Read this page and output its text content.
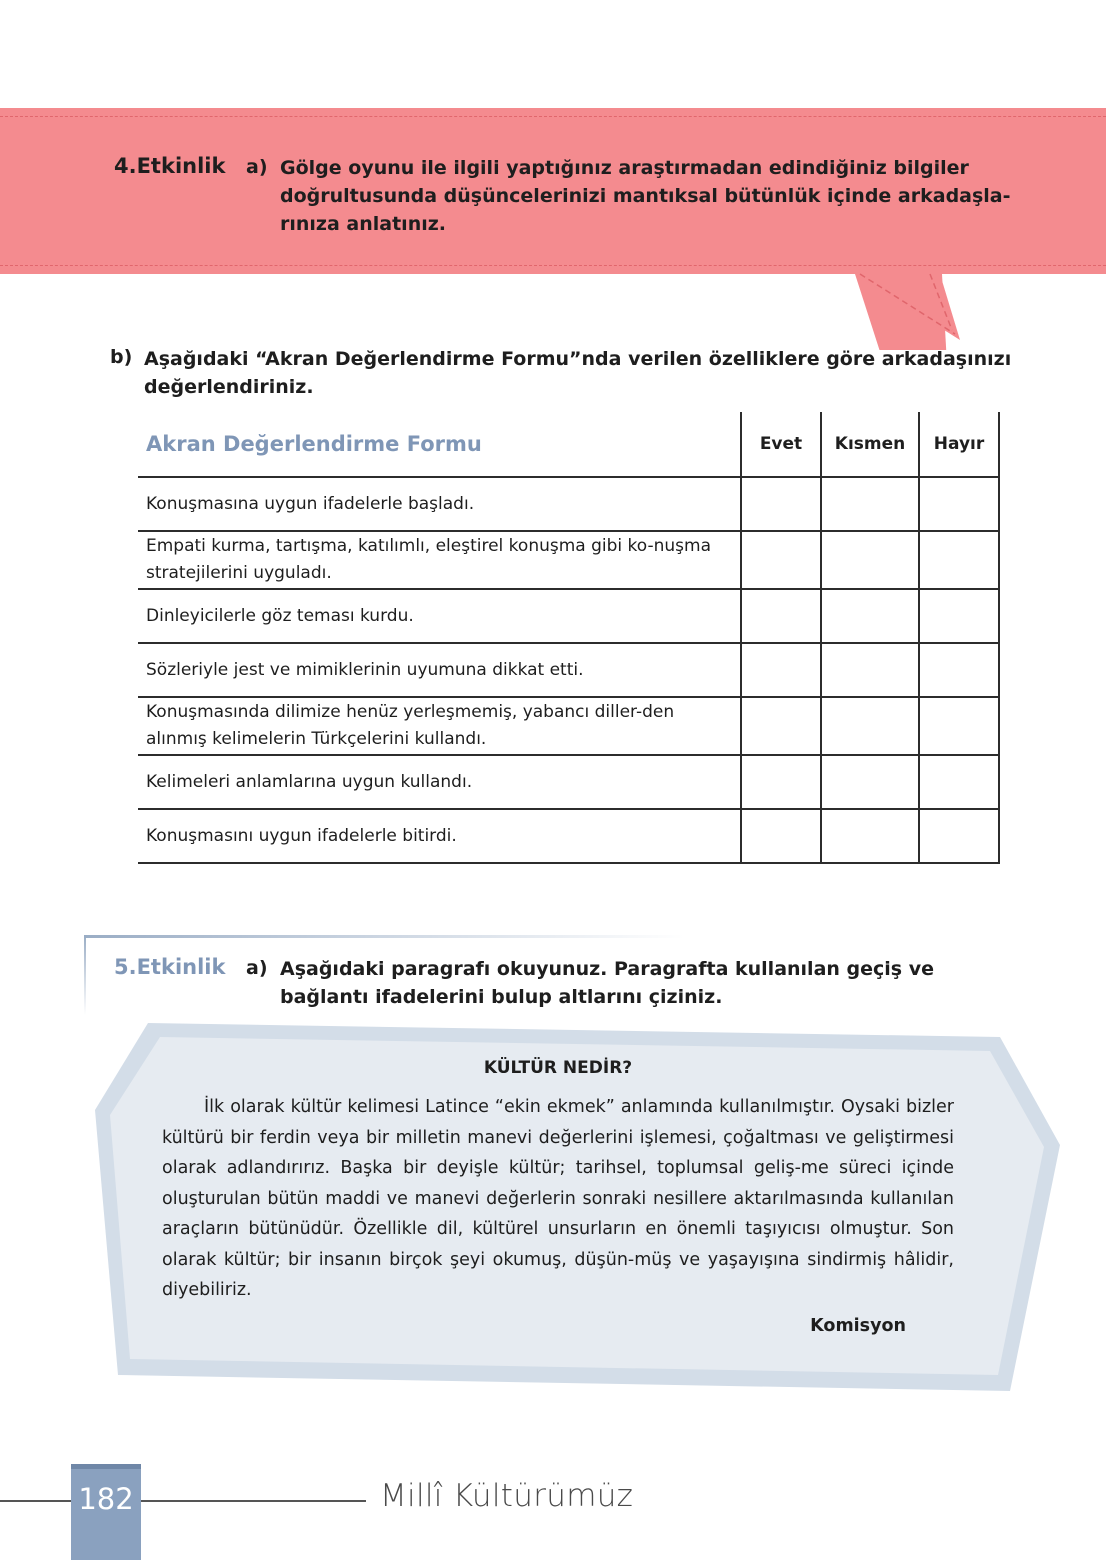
4.Etkinlik a) Gölge oyunu ile ilgili yaptığınız araştırmadan edindiğiniz bilgiler doğrultusunda düşüncelerinizi mantıksal bütünlük içinde arkadaşla-rınıza anlatınız.
b) Aşağıdaki “Akran Değerlendirme Formu”nda verilen özelliklere göre arkadaşınızı değerlendiriniz.
Akran Değerlendirme Formu	Evet	Kısmen	Hayır
Konuşmasına uygun ifadelerle başladı.			
Empati kurma, tartışma, katılımlı, eleştirel konuşma gibi ko-nuşma stratejilerini uyguladı.			
Dinleyicilerle göz teması kurdu.			
Sözleriyle jest ve mimiklerinin uyumuna dikkat etti.			
Konuşmasında dilimize henüz yerleşmemiş, yabancı diller-den alınmış kelimelerin Türkçelerini kullandı.			
Kelimeleri anlamlarına uygun kullandı.			
Konuşmasını uygun ifadelerle bitirdi.			
5.Etkinlik a) Aşağıdaki paragrafı okuyunuz. Paragrafta kullanılan geçiş ve bağlantı ifadelerini bulup altlarını çiziniz.
KÜLTÜR NEDİR?

İlk olarak kültür kelimesi Latince “ekin ekmek” anlamında kullanılmıştır. Oysaki bizler kültürü bir ferdin veya bir milletin manevi değerlerini işlemesi, çoğaltması ve geliştirmesi olarak adlandırırız. Başka bir deyişle kültür; tarihsel, toplumsal geliş-me süreci içinde oluşturulan bütün maddi ve manevi değerlerin sonraki nesillere aktarılmasında kullanılan araçların bütünüdür. Özellikle dil, kültürel unsurların en önemli taşıyıcısı olmuştur. Son olarak kültür; bir insanın birçok şeyi okumuş, düşün-müş ve yaşayışına sindirmiş hâlidir, diyebiliriz.

Komisyon
182	Millî Kültürümüz
